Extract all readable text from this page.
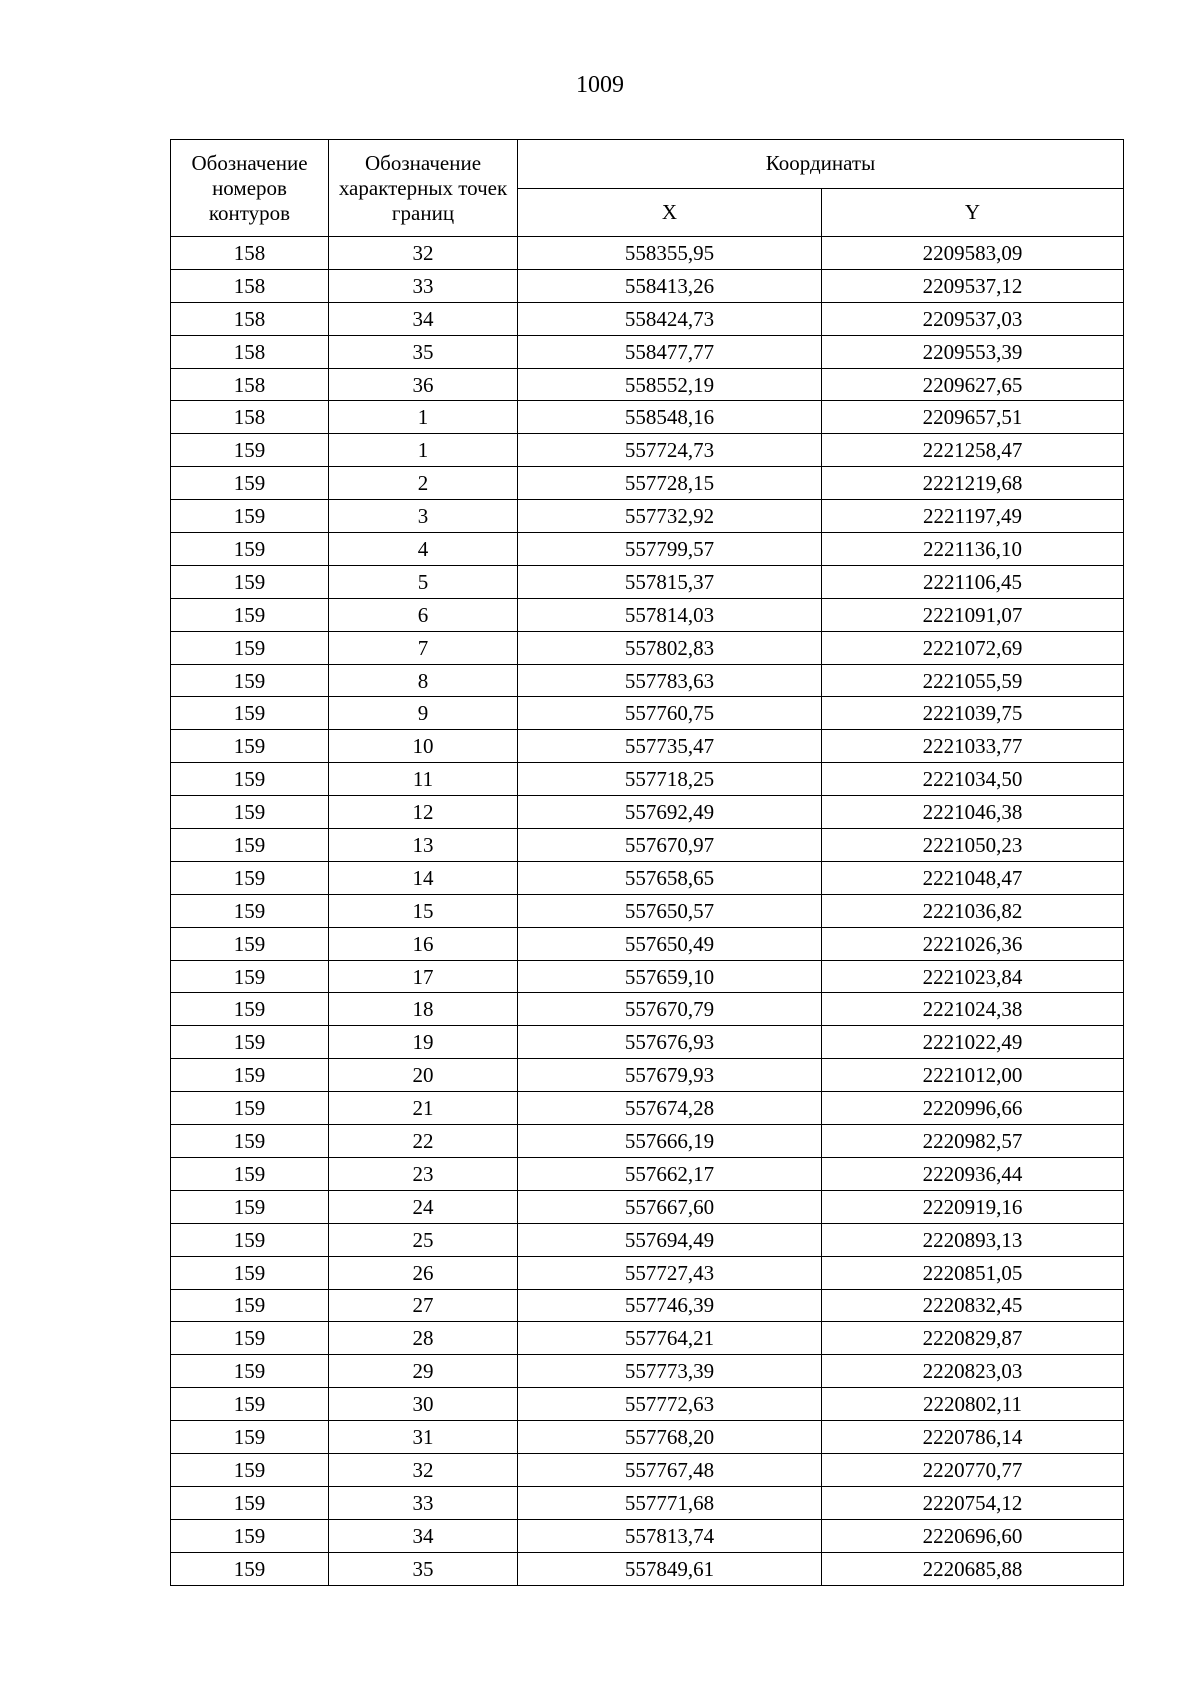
1009
Обозначение номеров контуров	Обозначение характерных точек границ	Координаты	
		X	Y
158	32	558355,95	2209583,09
158	33	558413,26	2209537,12
158	34	558424,73	2209537,03
158	35	558477,77	2209553,39
158	36	558552,19	2209627,65
158	1	558548,16	2209657,51
159	1	557724,73	2221258,47
159	2	557728,15	2221219,68
159	3	557732,92	2221197,49
159	4	557799,57	2221136,10
159	5	557815,37	2221106,45
159	6	557814,03	2221091,07
159	7	557802,83	2221072,69
159	8	557783,63	2221055,59
159	9	557760,75	2221039,75
159	10	557735,47	2221033,77
159	11	557718,25	2221034,50
159	12	557692,49	2221046,38
159	13	557670,97	2221050,23
159	14	557658,65	2221048,47
159	15	557650,57	2221036,82
159	16	557650,49	2221026,36
159	17	557659,10	2221023,84
159	18	557670,79	2221024,38
159	19	557676,93	2221022,49
159	20	557679,93	2221012,00
159	21	557674,28	2220996,66
159	22	557666,19	2220982,57
159	23	557662,17	2220936,44
159	24	557667,60	2220919,16
159	25	557694,49	2220893,13
159	26	557727,43	2220851,05
159	27	557746,39	2220832,45
159	28	557764,21	2220829,87
159	29	557773,39	2220823,03
159	30	557772,63	2220802,11
159	31	557768,20	2220786,14
159	32	557767,48	2220770,77
159	33	557771,68	2220754,12
159	34	557813,74	2220696,60
159	35	557849,61	2220685,88
